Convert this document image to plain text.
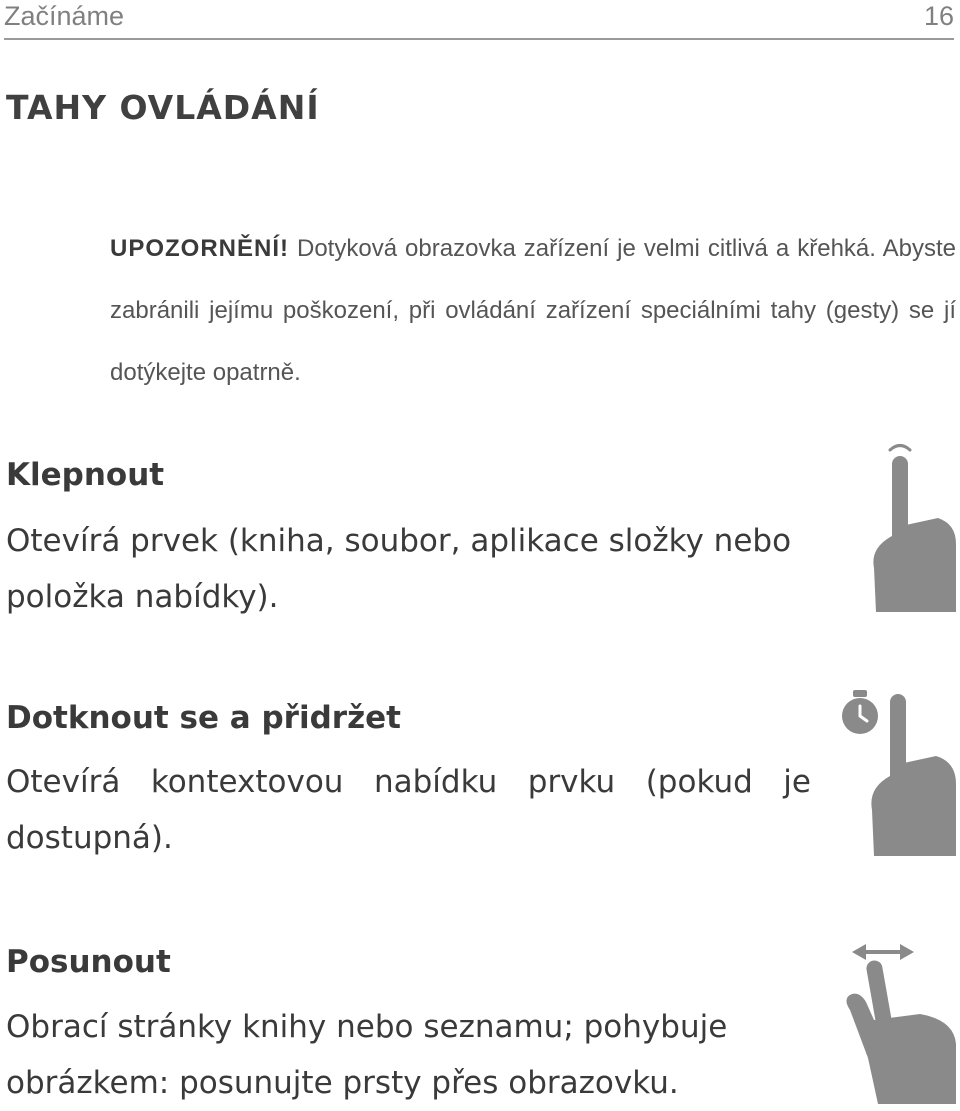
Začínáme	16
TAHY OVLÁDÁNÍ
UPOZORNĚNÍ! Dotyková obrazovka zařízení je velmi citlivá a křehká. Abyste zabránili jejímu poškození, při ovládání zařízení speciálními tahy (gesty) se jí dotýkejte opatrně.
Klepnout
Otevírá prvek (kniha, soubor, aplikace složky nebo položka nabídky).
Dotknout se a přidržet
Otevírá kontextovou nabídku prvku (pokud je dostupná).
Posunout
Obrací stránky knihy nebo seznamu; pohybuje obrázkem: posunujte prsty přes obrazovku.
